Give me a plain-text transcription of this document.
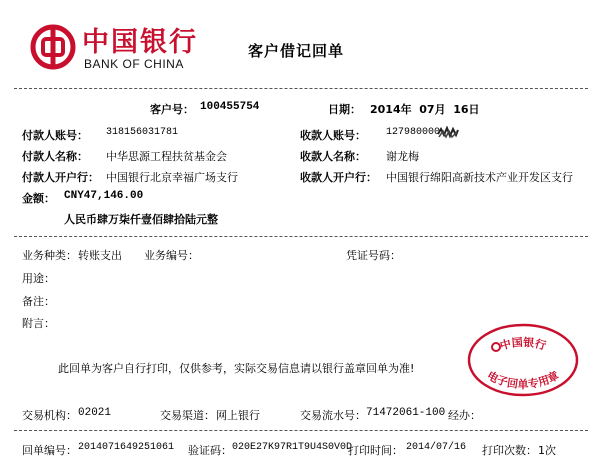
中国银行
BANK OF CHINA
客户借记回单
客户号： 100455754	日期： 2014年  07月  16日
付款人账号： 318156031781	收款人账号： 127980000
付款人名称： 中华思源工程扶贫基金会	收款人名称： 谢龙梅
付款人开户行： 中国银行北京幸福广场支行	收款人开户行： 中国银行绵阳高新技术产业开发区支行
金额： CNY47,146.00
人民币肆万柒仟壹佰肆拾陆元整
业务种类： 转账支出 业务编号：	凭证号码：
用途：
备注：
附言：
此回单为客户自行打印，仅供参考，实际交易信息请以银行盖章回单为准!
中国银行
电子回单专用章
交易机构： 02021	交易渠道： 网上银行	交易流水号： 71472061-100 经办：
回单编号： 2014071649251061 验证码： 020E27K97R1T9U4S0V0D
打印时间： 2014/07/16 打印次数： 1次
